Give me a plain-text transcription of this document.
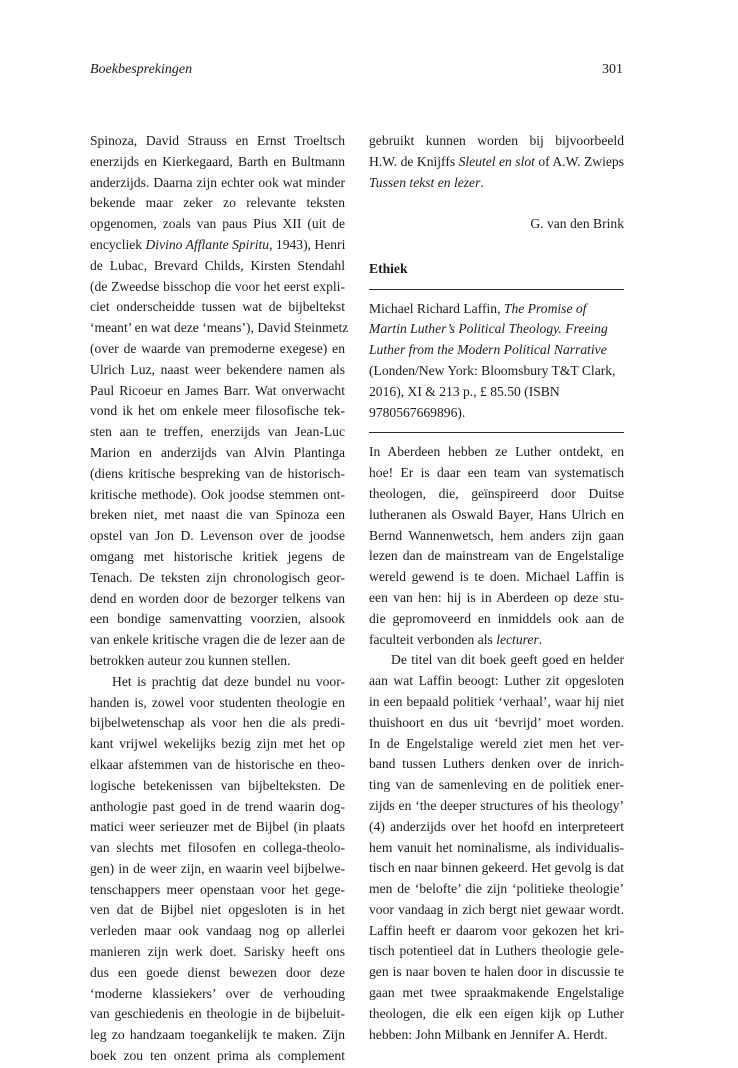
Boekbesprekingen	301
Spinoza, David Strauss en Ernst Troeltsch
enerzijds en Kierkegaard, Barth en Bultmann
anderzijds. Daarna zijn echter ook wat minder
bekende maar zeker zo relevante teksten
opgenomen, zoals van paus Pius XII (uit de
encycliek Divino Afflante Spiritu, 1943), Henri
de Lubac, Brevard Childs, Kirsten Stendahl
(de Zweedse bisschop die voor het eerst expli-
ciet onderscheidde tussen wat de bijbeltekst
‘meant’ en wat deze ‘means’), David Steinmetz
(over de waarde van premoderne exegese) en
Ulrich Luz, naast weer bekendere namen als
Paul Ricoeur en James Barr. Wat onverwacht
vond ik het om enkele meer filosofische tek-
sten aan te treffen, enerzijds van Jean-Luc
Marion en anderzijds van Alvin Plantinga
(diens kritische bespreking van de historisch-
kritische methode). Ook joodse stemmen ont-
breken niet, met naast die van Spinoza een
opstel van Jon D. Levenson over de joodse
omgang met historische kritiek jegens de
Tenach. De teksten zijn chronologisch geor-
dend en worden door de bezorger telkens van
een bondige samenvatting voorzien, alsook
van enkele kritische vragen die de lezer aan de
betrokken auteur zou kunnen stellen.
Het is prachtig dat deze bundel nu voor-
handen is, zowel voor studenten theologie en
bijbelwetenschap als voor hen die als predi-
kant vrijwel wekelijks bezig zijn met het op
elkaar afstemmen van de historische en theo-
logische betekenissen van bijbelteksten. De
anthologie past goed in de trend waarin dog-
matici weer serieuzer met de Bijbel (in plaats
van slechts met filosofen en collega-theolo-
gen) in de weer zijn, en waarin veel bijbelwe-
tenschappers meer openstaan voor het gege-
ven dat de Bijbel niet opgesloten is in het
verleden maar ook vandaag nog op allerlei
manieren zijn werk doet. Sarisky heeft ons
dus een goede dienst bewezen door deze
‘moderne klassiekers’ over de verhouding
van geschiedenis en theologie in de bijbeluit-
leg zo handzaam toegankelijk te maken. Zijn
boek zou ten onzent prima als complement
gebruikt kunnen worden bij bijvoorbeeld
H.W. de Knijffs Sleutel en slot of A.W. Zwieps
Tussen tekst en lezer.
G. van den Brink
Ethiek
Michael Richard Laffin, The Promise of
Martin Luther’s Political Theology. Freeing
Luther from the Modern Political Narrative
(Londen/New York: Bloomsbury T&T Clark,
2016), XI & 213 p., £ 85.50 (ISBN
9780567669896).
In Aberdeen hebben ze Luther ontdekt, en
hoe! Er is daar een team van systematisch
theologen, die, geïnspireerd door Duitse
lutheranen als Oswald Bayer, Hans Ulrich en
Bernd Wannenwetsch, hem anders zijn gaan
lezen dan de mainstream van de Engelstalige
wereld gewend is te doen. Michael Laffin is
een van hen: hij is in Aberdeen op deze stu-
die gepromoveerd en inmiddels ook aan de
faculteit verbonden als lecturer.
De titel van dit boek geeft goed en helder
aan wat Laffin beoogt: Luther zit opgesloten
in een bepaald politiek ‘verhaal’, waar hij niet
thuishoort en dus uit ‘bevrijd’ moet worden.
In de Engelstalige wereld ziet men het ver-
band tussen Luthers denken over de inrich-
ting van de samenleving en de politiek ener-
zijds en ‘the deeper structures of his theology’
(4) anderzijds over het hoofd en interpreteert
hem vanuit het nominalisme, als individualis-
tisch en naar binnen gekeerd. Het gevolg is dat
men de ‘belofte’ die zijn ‘politieke theologie’
voor vandaag in zich bergt niet gewaar wordt.
Laffin heeft er daarom voor gekozen het kri-
tisch potentieel dat in Luthers theologie gele-
gen is naar boven te halen door in discussie te
gaan met twee spraakmakende Engelstalige
theologen, die elk een eigen kijk op Luther
hebben: John Milbank en Jennifer A. Herdt.
